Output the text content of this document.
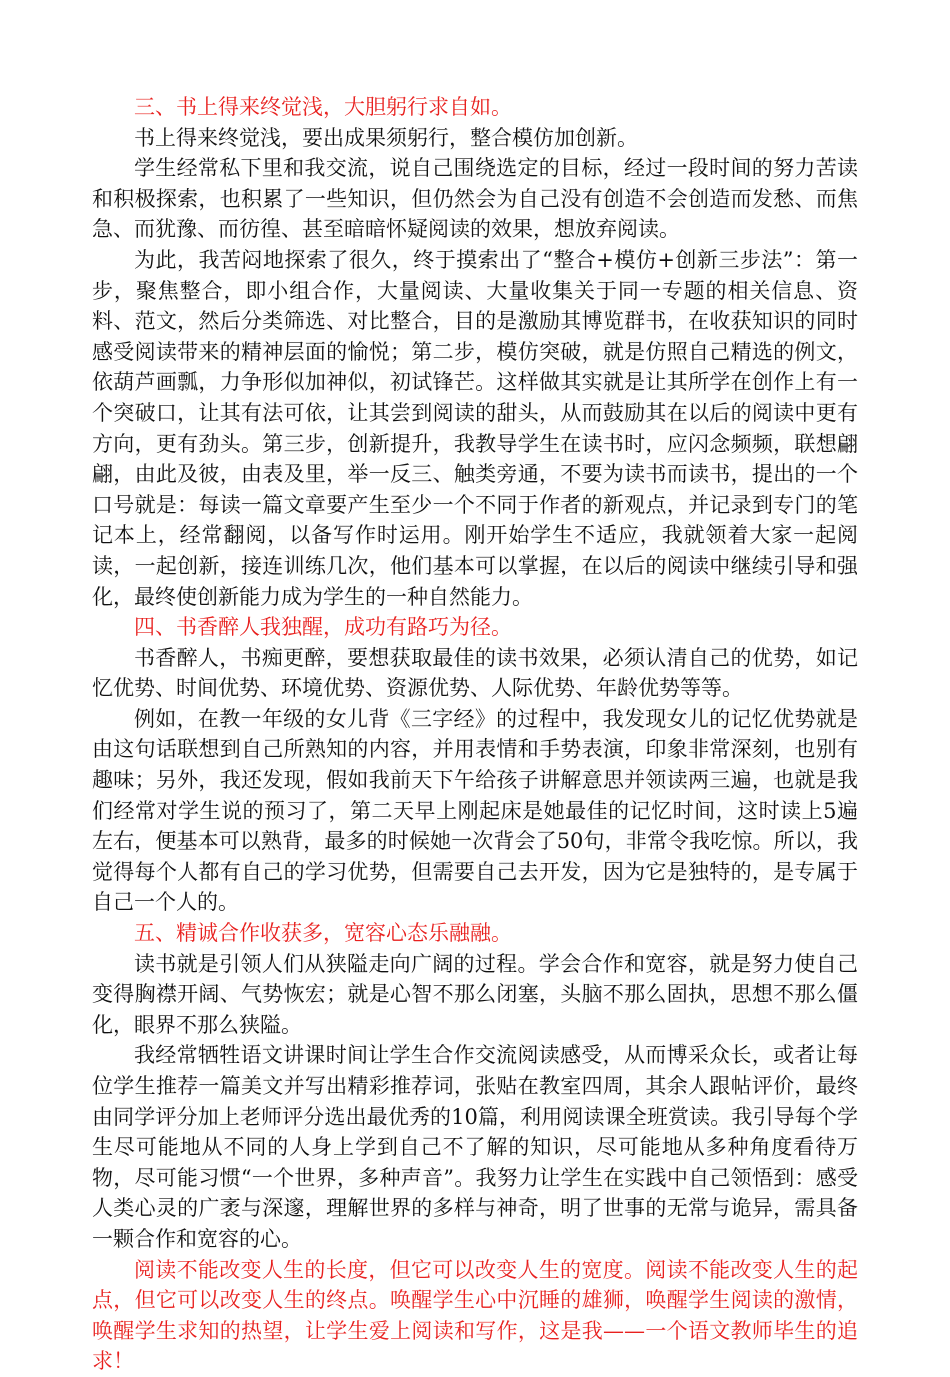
三、书上得来终觉浅，大胆躬行求自如。

书上得来终觉浅，要出成果须躬行，整合模仿加创新。

学生经常私下里和我交流，说自己围绕选定的目标，经过一段时间的努力苦读和积极探索，也积累了一些知识，但仍然会为自己没有创造不会创造而发愁、而焦急、而犹豫、而彷徨、甚至暗暗怀疑阅读的效果，想放弃阅读。

为此，我苦闷地探索了很久，终于摸索出了“整合+模仿+创新三步法”：第一步，聚焦整合，即小组合作，大量阅读、大量收集关于同一专题的相关信息、资料、范文，然后分类筛选、对比整合，目的是激励其博览群书，在收获知识的同时感受阅读带来的精神层面的愉悦；第二步，模仿突破，就是仿照自己精选的例文，依葫芦画瓢，力争形似加神似，初试锋芒。这样做其实就是让其所学在创作上有一个突破口，让其有法可依，让其尝到阅读的甜头，从而鼓励其在以后的阅读中更有方向，更有劲头。第三步，创新提升，我教导学生在读书时，应闪念频频，联想翩翩，由此及彼，由表及里，举一反三、触类旁通，不要为读书而读书，提出的一个口号就是：每读一篇文章要产生至少一个不同于作者的新观点，并记录到专门的笔记本上，经常翻阅，以备写作时运用。刚开始学生不适应，我就领着大家一起阅读，一起创新，接连训练几次，他们基本可以掌握，在以后的阅读中继续引导和强化，最终使创新能力成为学生的一种自然能力。

四、书香醉人我独醒，成功有路巧为径。

书香醉人，书痴更醉，要想获取最佳的读书效果，必须认清自己的优势，如记忆优势、时间优势、环境优势、资源优势、人际优势、年龄优势等等。

例如，在教一年级的女儿背《三字经》的过程中，我发现女儿的记忆优势就是由这句话联想到自己所熟知的内容，并用表情和手势表演，印象非常深刻，也别有趣味；另外，我还发现，假如我前天下午给孩子讲解意思并领读两三遍，也就是我们经常对学生说的预习了，第二天早上刚起床是她最佳的记忆时间，这时读上5遍左右，便基本可以熟背，最多的时候她一次背会了50句，非常令我吃惊。所以，我觉得每个人都有自己的学习优势，但需要自己去开发，因为它是独特的，是专属于自己一个人的。

五、精诚合作收获多，宽容心态乐融融。

读书就是引领人们从狭隘走向广阔的过程。学会合作和宽容，就是努力使自己变得胸襟开阔、气势恢宏；就是心智不那么闭塞，头脑不那么固执，思想不那么僵化，眼界不那么狭隘。

我经常牺牲语文讲课时间让学生合作交流阅读感受，从而博采众长，或者让每位学生推荐一篇美文并写出精彩推荐词，张贴在教室四周，其余人跟帖评价，最终由同学评分加上老师评分选出最优秀的10篇，利用阅读课全班赏读。我引导每个学生尽可能地从不同的人身上学到自己不了解的知识，尽可能地从多种角度看待万物，尽可能习惯“一个世界，多种声音”。我努力让学生在实践中自己领悟到：感受人类心灵的广袤与深邃，理解世界的多样与神奇，明了世事的无常与诡异，需具备一颗合作和宽容的心。

阅读不能改变人生的长度，但它可以改变人生的宽度。阅读不能改变人生的起点，但它可以改变人生的终点。唤醒学生心中沉睡的雄狮，唤醒学生阅读的激情，唤醒学生求知的热望，让学生爱上阅读和写作，这是我——一个语文教师毕生的追求！
